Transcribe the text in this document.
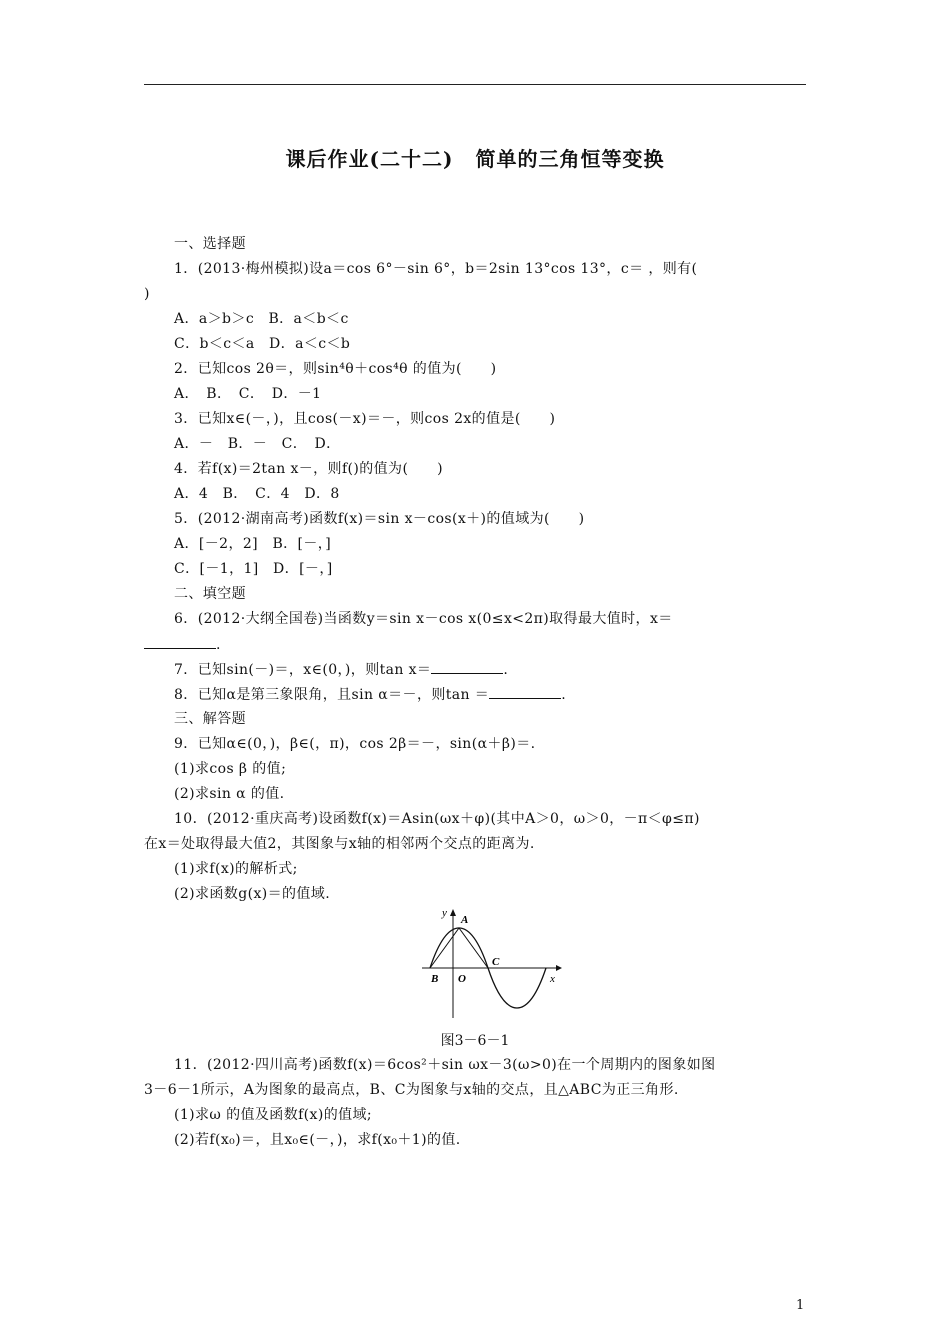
课后作业(二十二) 简单的三角恒等变换
一、选择题
1．(2013·梅州模拟)设a＝cos 6°－sin 6°，b＝2sin 13°cos 13°，c＝ ，则有(
)
A．a＞b＞c　B．a＜b＜c
C．b＜c＜a　D．a＜c＜b
2．已知cos 2θ＝，则sin⁴θ＋cos⁴θ 的值为(　　)
A．　B．　C．　D．－1
3．已知x∈(－，)，且cos(－x)＝－，则cos 2x的值是(　　)
A．－　B．－　C．　D．
4．若f(x)＝2tan x－，则f()的值为(　　)
A．4　B．　C．4　D．8
5．(2012·湖南高考)函数f(x)＝sin x－cos(x＋)的值域为(　　)
A．[－2，2]　B．[－，]
C．[－1，1]　D．[－，]
二、填空题
6．(2012·大纲全国卷)当函数y＝sin x－cos x(0≤x<2π)取得最大值时，x＝
.
7．已知sin(－)＝，x∈(0，)，则tan x＝	.
8．已知α是第三象限角，且sin α＝－，则tan ＝	.
三、解答题
9．已知α∈(0，)，β∈(，π)，cos 2β＝－，sin(α＋β)＝.
(1)求cos β 的值;
(2)求sin α 的值.
10．(2012·重庆高考)设函数f(x)＝Asin(ωx＋φ)(其中A＞0，ω＞0，－π＜φ≤π)
在x＝处取得最大值2，其图象与x轴的相邻两个交点的距离为.
(1)求f(x)的解析式;
(2)求函数g(x)＝的值域.
y
x
A
B O
C
图3－6－1
11．(2012·四川高考)函数f(x)＝6cos²＋sin ωx－3(ω>0)在一个周期内的图象如图
3－6－1所示，A为图象的最高点，B、C为图象与x轴的交点，且△ABC为正三角形.
(1)求ω 的值及函数f(x)的值域;
(2)若f(x₀)＝，且x₀∈(－，)，求f(x₀＋1)的值.
1
